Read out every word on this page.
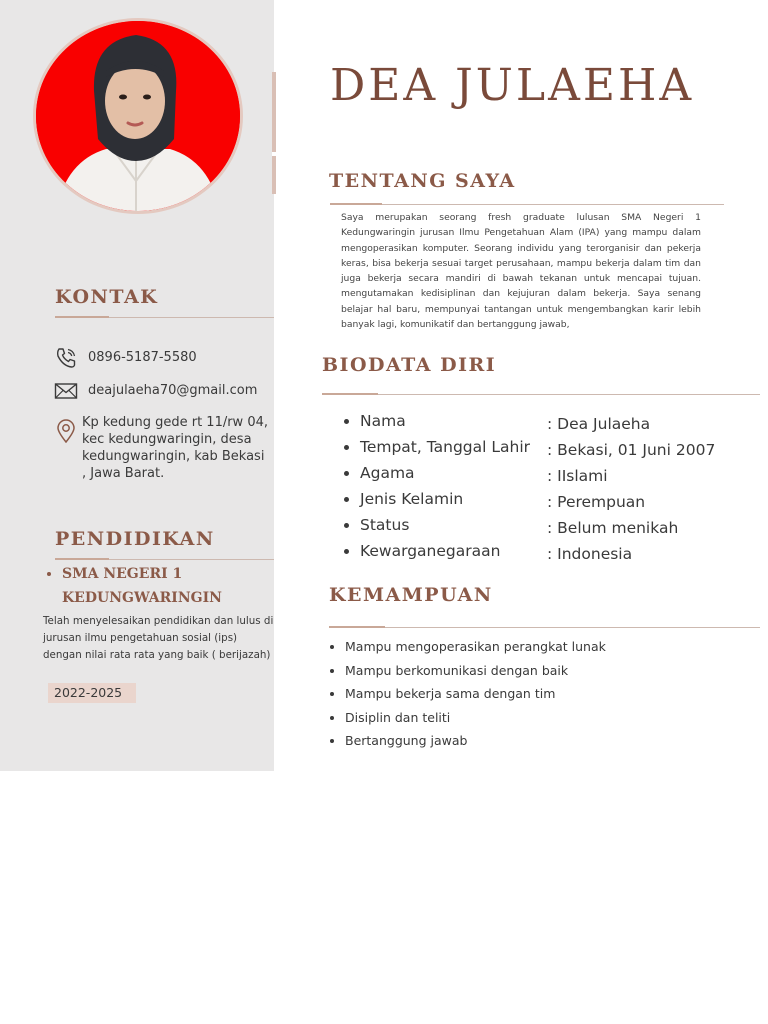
DEA JULAEHA
TENTANG SAYA

Saya merupakan seorang fresh graduate lulusan SMA Negeri 1 Kedungwaringin jurusan Ilmu Pengetahuan Alam (IPA) yang mampu dalam mengoperasikan komputer. Seorang individu yang terorganisir dan pekerja keras, bisa bekerja sesuai target perusahaan, mampu bekerja dalam tim dan juga bekerja secara mandiri di bawah tekanan untuk mencapai tujuan. mengutamakan kedisiplinan dan kejujuran dalam bekerja. Saya senang belajar hal baru, mempunyai tantangan untuk mengembangkan karir lebih banyak lagi, komunikatif dan bertanggung jawab,

KONTAK
0896-5187-5580
deajulaeha70@gmail.com
Kp kedung gede rt 11/rw 04, kec kedungwaringin, desa kedungwaringin, kab Bekasi , Jawa Barat.
PENDIDIKAN
• SMA NEGERI 1 KEDUNGWARINGIN

Telah menyelesaikan pendidikan dan lulus di jurusan ilmu pengetahuan sosial (ips) dengan nilai rata rata yang baik ( berijazah)

2022-2025
BIODATA DIRI
• Nama
• Tempat, Tanggal Lahir
• Agama
• Jenis Kelamin
• Status
• Kewarganegaraan
: Dea Julaeha
: Bekasi, 01 Juni 2007
: IIslami
: Perempuan
: Belum menikah
: Indonesia
KEMAMPUAN
• Mampu mengoperasikan perangkat lunak
• Mampu berkomunikasi dengan baik
• Mampu bekerja sama dengan tim
• Disiplin dan teliti
• Bertanggung jawab
